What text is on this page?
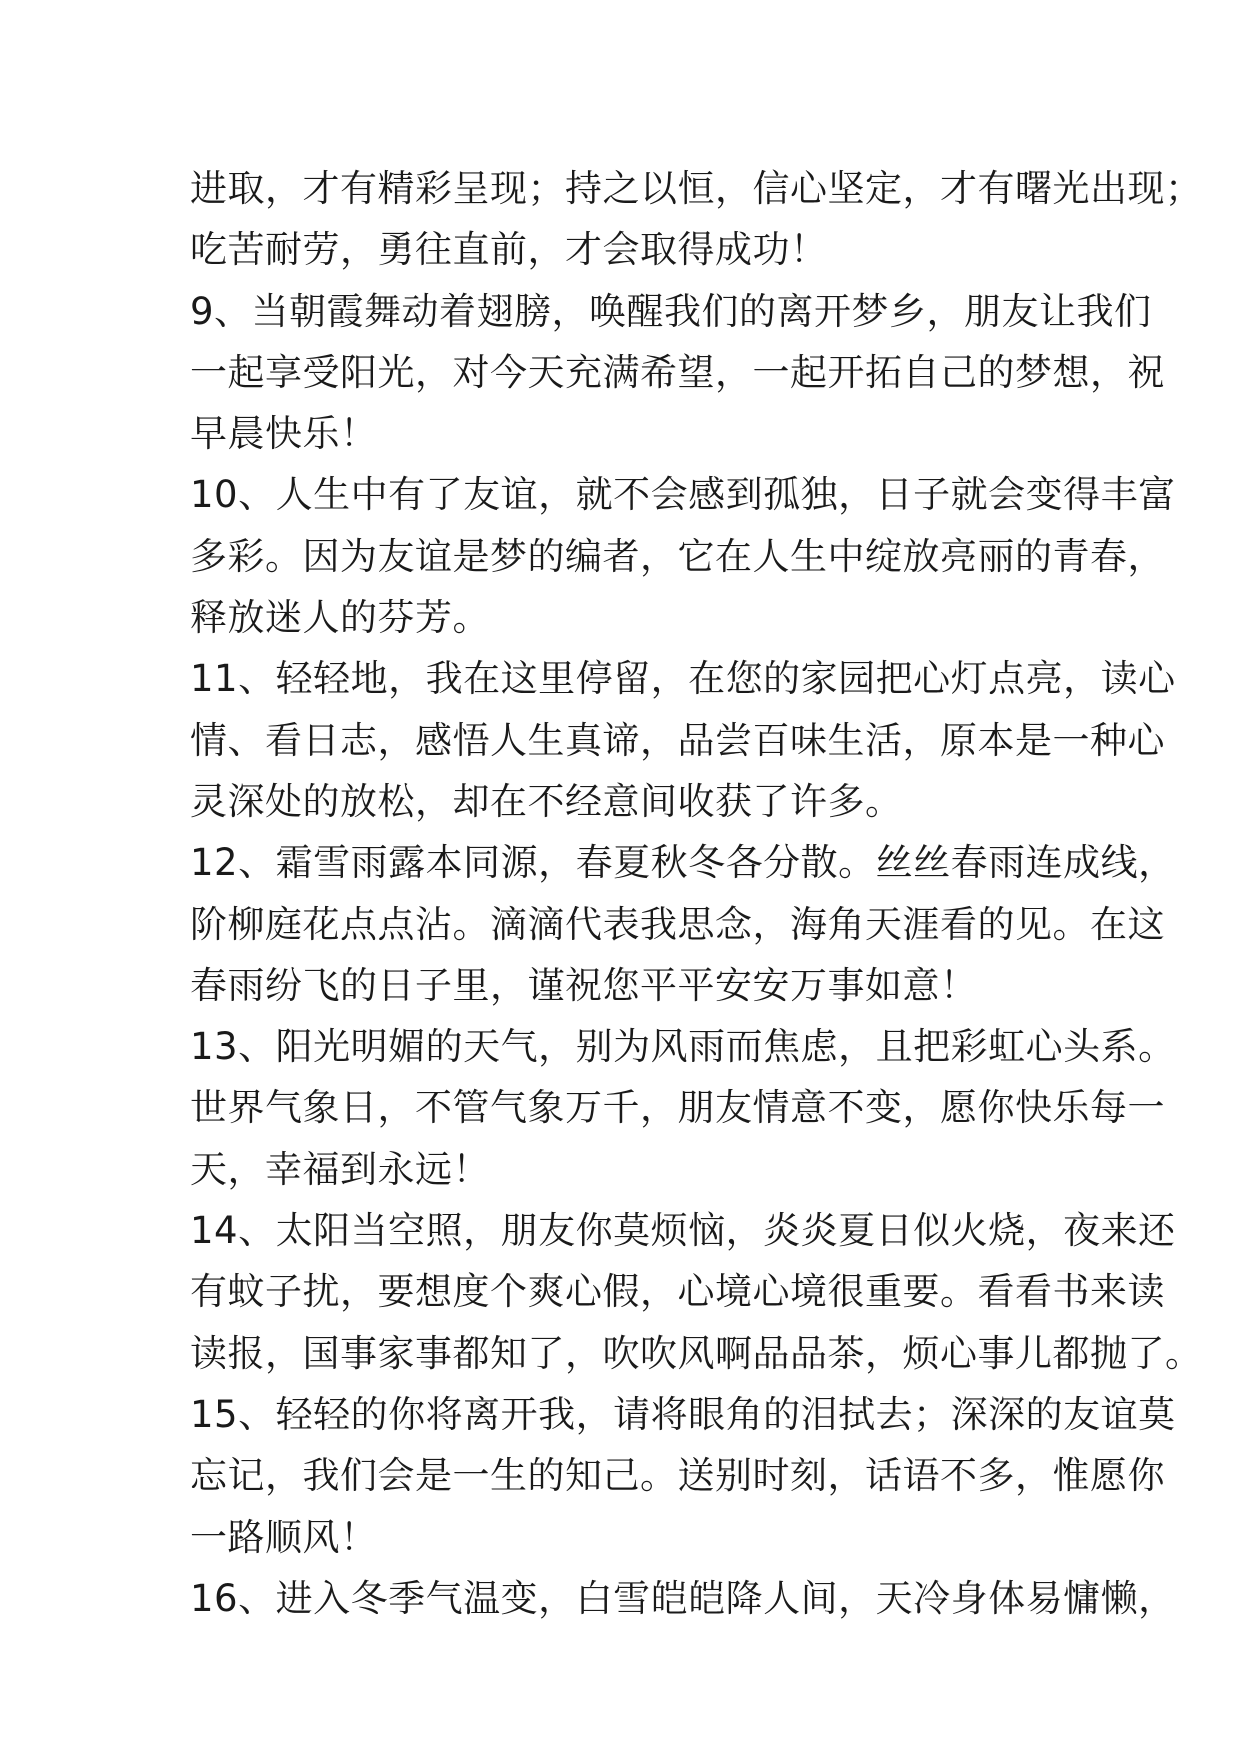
进取，才有精彩呈现；持之以恒，信心坚定，才有曙光出现；
吃苦耐劳，勇往直前，才会取得成功！
9、当朝霞舞动着翅膀，唤醒我们的离开梦乡，朋友让我们
一起享受阳光，对今天充满希望，一起开拓自己的梦想，祝
早晨快乐！
10、人生中有了友谊，就不会感到孤独，日子就会变得丰富
多彩。因为友谊是梦的编者，它在人生中绽放亮丽的青春，
释放迷人的芬芳。
11、轻轻地，我在这里停留，在您的家园把心灯点亮，读心
情、看日志，感悟人生真谛，品尝百味生活，原本是一种心
灵深处的放松，却在不经意间收获了许多。
12、霜雪雨露本同源，春夏秋冬各分散。丝丝春雨连成线，
阶柳庭花点点沾。滴滴代表我思念，海角天涯看的见。在这
春雨纷飞的日子里，谨祝您平平安安万事如意！
13、阳光明媚的天气，别为风雨而焦虑，且把彩虹心头系。
世界气象日，不管气象万千，朋友情意不变，愿你快乐每一
天，幸福到永远！
14、太阳当空照，朋友你莫烦恼，炎炎夏日似火烧，夜来还
有蚊子扰，要想度个爽心假，心境心境很重要。看看书来读
读报，国事家事都知了，吹吹风啊品品茶，烦心事儿都抛了。
15、轻轻的你将离开我，请将眼角的泪拭去；深深的友谊莫
忘记，我们会是一生的知己。送别时刻，话语不多，惟愿你
一路顺风！
16、进入冬季气温变，白雪皑皑降人间，天冷身体易慵懒，
